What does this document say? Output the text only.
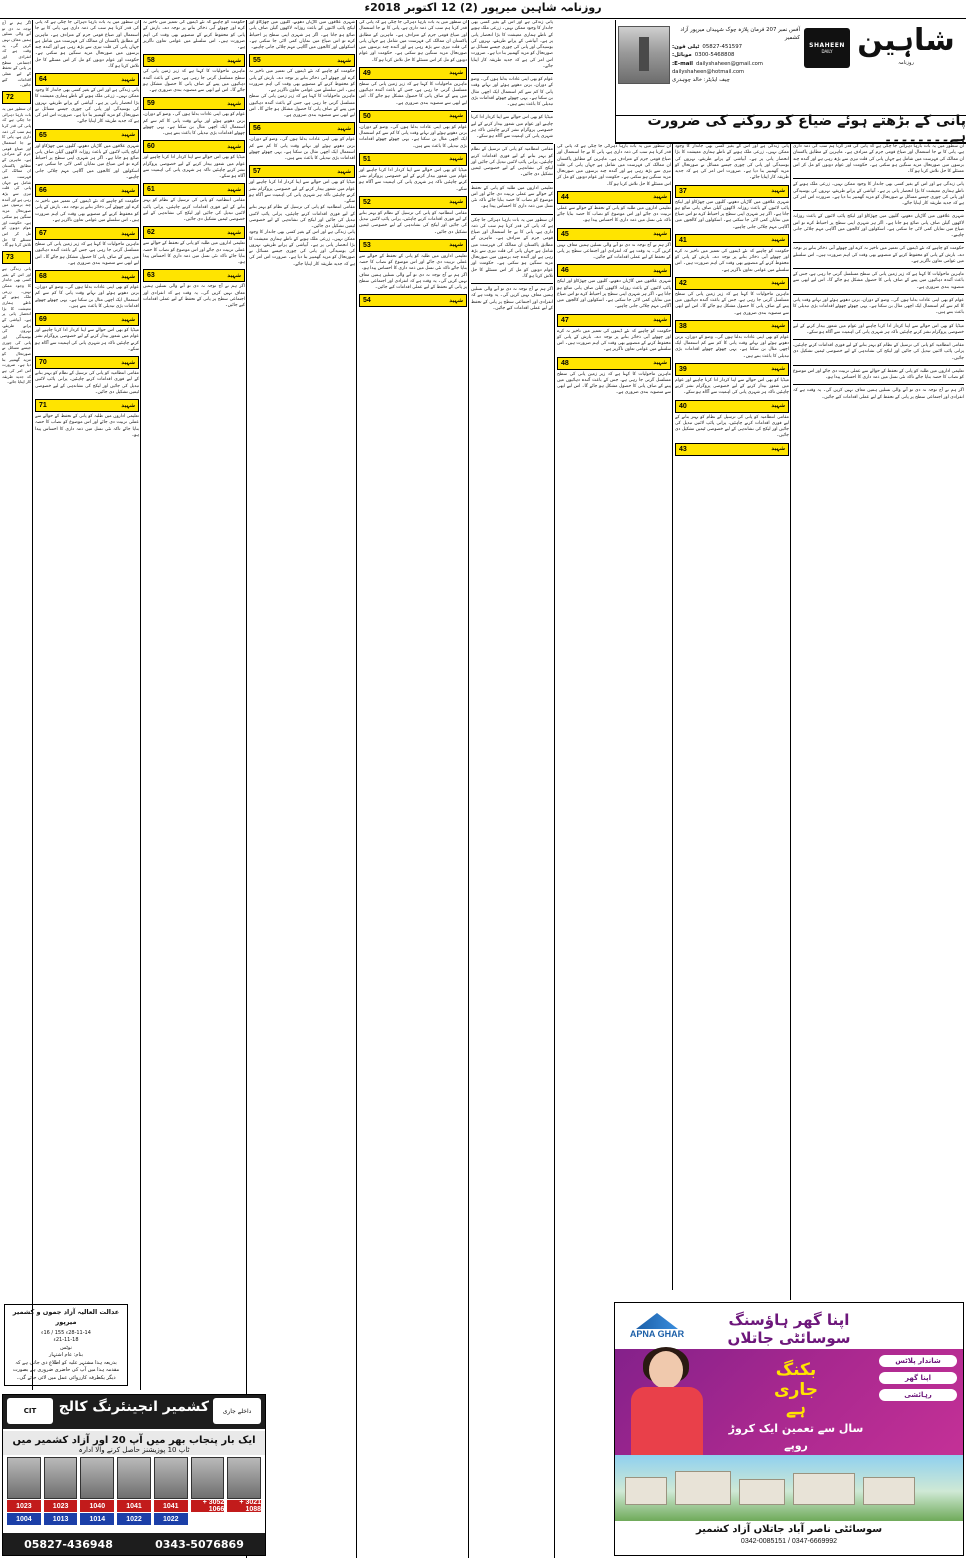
روزنامہ شاہین میرپور (2) 12 اکتوبر 2018ء
شاہین
روزنامہ
SHAHEEN
DAILY
آفس نمبر 207 فرمان پلازہ چوک شہیداں میرپور آزاد کشمیر
ٹیلی فون: 05827-451597
موبائل: 0300-5468808
E-mail: dailyshaheen@gmail.com
dailyshaheen@hotmail.com
چیف ایڈیٹر: خالد چوہدری
پانی کے بڑھتے ہوئے ضیاع کو روکنے کی ضرورت ہے۔۔۔۔۔۔۔۔
ان سطور میں یہ بات بارہا دہرائی جا چکی ہے کہ پانی کی قدر کرنا ہم سب کی ذمہ داری ہے، پانی کا بے جا استعمال اور ضیاع قومی جرم کے مترادف ہے۔ ماہرین کے مطابق پاکستان ان ممالک کی فہرست میں شامل ہے جہاں پانی کی قلت تیزی سے بڑھ رہی ہے اور آئندہ چند برسوں میں صورتحال مزید سنگین ہو سکتی ہے۔ حکومت اور عوام دونوں کو مل کر اس مسئلے کا حل تلاش کرنا ہو گا۔
پانی زندگی ہے اور اس کے بغیر کسی بھی جاندار کا وجود ممکن نہیں۔ زرعی ملک ہونے کے ناطے ہماری معیشت کا بڑا انحصار پانی پر ہے۔ آبپاشی کے پرانے طریقے، نہروں کی بوسیدگی اور پانی کی چوری جیسے مسائل نے صورتحال کو مزید گھمبیر بنا دیا ہے۔ ضرورت اس امر کی ہے کہ جدید طریقہ کار اپنایا جائے۔
شہری علاقوں میں گاڑیاں دھونے، گلیوں میں چھڑکاؤ اور لیکج پائپ لائنوں کے باعث روزانہ لاکھوں گیلن صاف پانی ضائع ہو جاتا ہے۔ اگر ہر شہری اپنی سطح پر احتیاط کرے تو اس ضیاع میں نمایاں کمی لائی جا سکتی ہے۔ اسکولوں اور کالجوں میں آگاہی مہم چلائی جانی چاہیے۔
حکومت کو چاہیے کہ نئے ڈیموں کی تعمیر میں تاخیر نہ کرے اور چھوٹے آبی ذخائر بنانے پر توجہ دے۔ بارش کے پانی کو محفوظ کرنے کے منصوبے بھی وقت کی اہم ضرورت ہیں۔ اس سلسلے میں عوامی تعاون ناگزیر ہے۔
ماہرین ماحولیات کا کہنا ہے کہ زیر زمین پانی کی سطح مسلسل گرتی جا رہی ہے، جس کے باعث آئندہ دہائیوں میں پینے کے صاف پانی کا حصول مشکل ہو جائے گا۔ اس لیے ابھی سے منصوبہ بندی ضروری ہے۔
عوام کو بھی اپنی عادات بدلنا ہوں گی۔ وضو کے دوران، برتن دھوتے ہوئے اور نہاتے وقت پانی کا کم سے کم استعمال ایک اچھی مثال بن سکتا ہے۔ یہی چھوٹے چھوٹے اقدامات بڑی تبدیلی کا باعث بنتے ہیں۔
میڈیا کو بھی اس حوالے سے اپنا کردار ادا کرنا چاہیے اور عوام میں شعور بیدار کرنے کے لیے خصوصی پروگرام نشر کرنے چاہئیں تاکہ ہر شہری پانی کی اہمیت سے آگاہ ہو سکے۔
مقامی انتظامیہ کو پانی کی ترسیل کے نظام کو بہتر بنانے کے لیے فوری اقدامات کرنے چاہئیں، پرانی پائپ لائنیں تبدیل کی جائیں اور لیکج کی نشاندہی کے لیے خصوصی ٹیمیں تشکیل دی جائیں۔
تعلیمی اداروں میں طلبہ کو پانی کے تحفظ کے حوالے سے عملی تربیت دی جائے اور اس موضوع کو نصاب کا حصہ بنایا جائے تاکہ نئی نسل میں ذمہ داری کا احساس پیدا ہو۔
اگر ہم نے آج توجہ نہ دی تو آنے والی نسلیں ہمیں معاف نہیں کریں گی۔ یہ وقت ہے کہ انفرادی اور اجتماعی سطح پر پانی کے تحفظ کے لیے عملی اقدامات کیے جائیں۔
پانی زندگی ہے اور اس کے بغیر کسی بھی جاندار کا وجود ممکن نہیں۔ زرعی ملک ہونے کے ناطے ہماری معیشت کا بڑا انحصار پانی پر ہے۔ آبپاشی کے پرانے طریقے، نہروں کی بوسیدگی اور پانی کی چوری جیسے مسائل نے صورتحال کو مزید گھمبیر بنا دیا ہے۔ ضرورت اس امر کی ہے کہ جدید طریقہ کار اپنایا جائے۔
37	شہید
شہری علاقوں میں گاڑیاں دھونے، گلیوں میں چھڑکاؤ اور لیکج پائپ لائنوں کے باعث روزانہ لاکھوں گیلن صاف پانی ضائع ہو جاتا ہے۔ اگر ہر شہری اپنی سطح پر احتیاط کرے تو اس ضیاع میں نمایاں کمی لائی جا سکتی ہے۔ اسکولوں اور کالجوں میں آگاہی مہم چلائی جانی چاہیے۔
41	شہید
حکومت کو چاہیے کہ نئے ڈیموں کی تعمیر میں تاخیر نہ کرے اور چھوٹے آبی ذخائر بنانے پر توجہ دے۔ بارش کے پانی کو محفوظ کرنے کے منصوبے بھی وقت کی اہم ضرورت ہیں۔ اس سلسلے میں عوامی تعاون ناگزیر ہے۔
42	شہید
ماہرین ماحولیات کا کہنا ہے کہ زیر زمین پانی کی سطح مسلسل گرتی جا رہی ہے، جس کے باعث آئندہ دہائیوں میں پینے کے صاف پانی کا حصول مشکل ہو جائے گا۔ اس لیے ابھی سے منصوبہ بندی ضروری ہے۔
38	شہید
عوام کو بھی اپنی عادات بدلنا ہوں گی۔ وضو کے دوران، برتن دھوتے ہوئے اور نہاتے وقت پانی کا کم سے کم استعمال ایک اچھی مثال بن سکتا ہے۔ یہی چھوٹے چھوٹے اقدامات بڑی تبدیلی کا باعث بنتے ہیں۔
39	شہید
میڈیا کو بھی اس حوالے سے اپنا کردار ادا کرنا چاہیے اور عوام میں شعور بیدار کرنے کے لیے خصوصی پروگرام نشر کرنے چاہئیں تاکہ ہر شہری پانی کی اہمیت سے آگاہ ہو سکے۔
40	شہید
مقامی انتظامیہ کو پانی کی ترسیل کے نظام کو بہتر بنانے کے لیے فوری اقدامات کرنے چاہئیں، پرانی پائپ لائنیں تبدیل کی جائیں اور لیکج کی نشاندہی کے لیے خصوصی ٹیمیں تشکیل دی جائیں۔
43	شہید
ان سطور میں یہ بات بارہا دہرائی جا چکی ہے کہ پانی کی قدر کرنا ہم سب کی ذمہ داری ہے، پانی کا بے جا استعمال اور ضیاع قومی جرم کے مترادف ہے۔ ماہرین کے مطابق پاکستان ان ممالک کی فہرست میں شامل ہے جہاں پانی کی قلت تیزی سے بڑھ رہی ہے اور آئندہ چند برسوں میں صورتحال مزید سنگین ہو سکتی ہے۔ حکومت اور عوام دونوں کو مل کر اس مسئلے کا حل تلاش کرنا ہو گا۔
44	شہید
تعلیمی اداروں میں طلبہ کو پانی کے تحفظ کے حوالے سے عملی تربیت دی جائے اور اس موضوع کو نصاب کا حصہ بنایا جائے تاکہ نئی نسل میں ذمہ داری کا احساس پیدا ہو۔
45	شہید
اگر ہم نے آج توجہ نہ دی تو آنے والی نسلیں ہمیں معاف نہیں کریں گی۔ یہ وقت ہے کہ انفرادی اور اجتماعی سطح پر پانی کے تحفظ کے لیے عملی اقدامات کیے جائیں۔
46	شہید
شہری علاقوں میں گاڑیاں دھونے، گلیوں میں چھڑکاؤ اور لیکج پائپ لائنوں کے باعث روزانہ لاکھوں گیلن صاف پانی ضائع ہو جاتا ہے۔ اگر ہر شہری اپنی سطح پر احتیاط کرے تو اس ضیاع میں نمایاں کمی لائی جا سکتی ہے۔ اسکولوں اور کالجوں میں آگاہی مہم چلائی جانی چاہیے۔
47	شہید
حکومت کو چاہیے کہ نئے ڈیموں کی تعمیر میں تاخیر نہ کرے اور چھوٹے آبی ذخائر بنانے پر توجہ دے۔ بارش کے پانی کو محفوظ کرنے کے منصوبے بھی وقت کی اہم ضرورت ہیں۔ اس سلسلے میں عوامی تعاون ناگزیر ہے۔
48	شہید
ماہرین ماحولیات کا کہنا ہے کہ زیر زمین پانی کی سطح مسلسل گرتی جا رہی ہے، جس کے باعث آئندہ دہائیوں میں پینے کے صاف پانی کا حصول مشکل ہو جائے گا۔ اس لیے ابھی سے منصوبہ بندی ضروری ہے۔
پانی زندگی ہے اور اس کے بغیر کسی بھی جاندار کا وجود ممکن نہیں۔ زرعی ملک ہونے کے ناطے ہماری معیشت کا بڑا انحصار پانی پر ہے۔ آبپاشی کے پرانے طریقے، نہروں کی بوسیدگی اور پانی کی چوری جیسے مسائل نے صورتحال کو مزید گھمبیر بنا دیا ہے۔ ضرورت اس امر کی ہے کہ جدید طریقہ کار اپنایا جائے۔
عوام کو بھی اپنی عادات بدلنا ہوں گی۔ وضو کے دوران، برتن دھوتے ہوئے اور نہاتے وقت پانی کا کم سے کم استعمال ایک اچھی مثال بن سکتا ہے۔ یہی چھوٹے چھوٹے اقدامات بڑی تبدیلی کا باعث بنتے ہیں۔
میڈیا کو بھی اس حوالے سے اپنا کردار ادا کرنا چاہیے اور عوام میں شعور بیدار کرنے کے لیے خصوصی پروگرام نشر کرنے چاہئیں تاکہ ہر شہری پانی کی اہمیت سے آگاہ ہو سکے۔
مقامی انتظامیہ کو پانی کی ترسیل کے نظام کو بہتر بنانے کے لیے فوری اقدامات کرنے چاہئیں، پرانی پائپ لائنیں تبدیل کی جائیں اور لیکج کی نشاندہی کے لیے خصوصی ٹیمیں تشکیل دی جائیں۔
تعلیمی اداروں میں طلبہ کو پانی کے تحفظ کے حوالے سے عملی تربیت دی جائے اور اس موضوع کو نصاب کا حصہ بنایا جائے تاکہ نئی نسل میں ذمہ داری کا احساس پیدا ہو۔
ان سطور میں یہ بات بارہا دہرائی جا چکی ہے کہ پانی کی قدر کرنا ہم سب کی ذمہ داری ہے، پانی کا بے جا استعمال اور ضیاع قومی جرم کے مترادف ہے۔ ماہرین کے مطابق پاکستان ان ممالک کی فہرست میں شامل ہے جہاں پانی کی قلت تیزی سے بڑھ رہی ہے اور آئندہ چند برسوں میں صورتحال مزید سنگین ہو سکتی ہے۔ حکومت اور عوام دونوں کو مل کر اس مسئلے کا حل تلاش کرنا ہو گا۔
اگر ہم نے آج توجہ نہ دی تو آنے والی نسلیں ہمیں معاف نہیں کریں گی۔ یہ وقت ہے کہ انفرادی اور اجتماعی سطح پر پانی کے تحفظ کے لیے عملی اقدامات کیے جائیں۔
ان سطور میں یہ بات بارہا دہرائی جا چکی ہے کہ پانی کی قدر کرنا ہم سب کی ذمہ داری ہے، پانی کا بے جا استعمال اور ضیاع قومی جرم کے مترادف ہے۔ ماہرین کے مطابق پاکستان ان ممالک کی فہرست میں شامل ہے جہاں پانی کی قلت تیزی سے بڑھ رہی ہے اور آئندہ چند برسوں میں صورتحال مزید سنگین ہو سکتی ہے۔ حکومت اور عوام دونوں کو مل کر اس مسئلے کا حل تلاش کرنا ہو گا۔
49	شہید
ماہرین ماحولیات کا کہنا ہے کہ زیر زمین پانی کی سطح مسلسل گرتی جا رہی ہے، جس کے باعث آئندہ دہائیوں میں پینے کے صاف پانی کا حصول مشکل ہو جائے گا۔ اس لیے ابھی سے منصوبہ بندی ضروری ہے۔
50	شہید
عوام کو بھی اپنی عادات بدلنا ہوں گی۔ وضو کے دوران، برتن دھوتے ہوئے اور نہاتے وقت پانی کا کم سے کم استعمال ایک اچھی مثال بن سکتا ہے۔ یہی چھوٹے چھوٹے اقدامات بڑی تبدیلی کا باعث بنتے ہیں۔
51	شہید
میڈیا کو بھی اس حوالے سے اپنا کردار ادا کرنا چاہیے اور عوام میں شعور بیدار کرنے کے لیے خصوصی پروگرام نشر کرنے چاہئیں تاکہ ہر شہری پانی کی اہمیت سے آگاہ ہو سکے۔
52	شہید
مقامی انتظامیہ کو پانی کی ترسیل کے نظام کو بہتر بنانے کے لیے فوری اقدامات کرنے چاہئیں، پرانی پائپ لائنیں تبدیل کی جائیں اور لیکج کی نشاندہی کے لیے خصوصی ٹیمیں تشکیل دی جائیں۔
53	شہید
تعلیمی اداروں میں طلبہ کو پانی کے تحفظ کے حوالے سے عملی تربیت دی جائے اور اس موضوع کو نصاب کا حصہ بنایا جائے تاکہ نئی نسل میں ذمہ داری کا احساس پیدا ہو۔
اگر ہم نے آج توجہ نہ دی تو آنے والی نسلیں ہمیں معاف نہیں کریں گی۔ یہ وقت ہے کہ انفرادی اور اجتماعی سطح پر پانی کے تحفظ کے لیے عملی اقدامات کیے جائیں۔
54	شہید
شہری علاقوں میں گاڑیاں دھونے، گلیوں میں چھڑکاؤ اور لیکج پائپ لائنوں کے باعث روزانہ لاکھوں گیلن صاف پانی ضائع ہو جاتا ہے۔ اگر ہر شہری اپنی سطح پر احتیاط کرے تو اس ضیاع میں نمایاں کمی لائی جا سکتی ہے۔ اسکولوں اور کالجوں میں آگاہی مہم چلائی جانی چاہیے۔
55	شہید
حکومت کو چاہیے کہ نئے ڈیموں کی تعمیر میں تاخیر نہ کرے اور چھوٹے آبی ذخائر بنانے پر توجہ دے۔ بارش کے پانی کو محفوظ کرنے کے منصوبے بھی وقت کی اہم ضرورت ہیں۔ اس سلسلے میں عوامی تعاون ناگزیر ہے۔
ماہرین ماحولیات کا کہنا ہے کہ زیر زمین پانی کی سطح مسلسل گرتی جا رہی ہے، جس کے باعث آئندہ دہائیوں میں پینے کے صاف پانی کا حصول مشکل ہو جائے گا۔ اس لیے ابھی سے منصوبہ بندی ضروری ہے۔
56	شہید
عوام کو بھی اپنی عادات بدلنا ہوں گی۔ وضو کے دوران، برتن دھوتے ہوئے اور نہاتے وقت پانی کا کم سے کم استعمال ایک اچھی مثال بن سکتا ہے۔ یہی چھوٹے چھوٹے اقدامات بڑی تبدیلی کا باعث بنتے ہیں۔
57	شہید
میڈیا کو بھی اس حوالے سے اپنا کردار ادا کرنا چاہیے اور عوام میں شعور بیدار کرنے کے لیے خصوصی پروگرام نشر کرنے چاہئیں تاکہ ہر شہری پانی کی اہمیت سے آگاہ ہو سکے۔
مقامی انتظامیہ کو پانی کی ترسیل کے نظام کو بہتر بنانے کے لیے فوری اقدامات کرنے چاہئیں، پرانی پائپ لائنیں تبدیل کی جائیں اور لیکج کی نشاندہی کے لیے خصوصی ٹیمیں تشکیل دی جائیں۔
پانی زندگی ہے اور اس کے بغیر کسی بھی جاندار کا وجود ممکن نہیں۔ زرعی ملک ہونے کے ناطے ہماری معیشت کا بڑا انحصار پانی پر ہے۔ آبپاشی کے پرانے طریقے، نہروں کی بوسیدگی اور پانی کی چوری جیسے مسائل نے صورتحال کو مزید گھمبیر بنا دیا ہے۔ ضرورت اس امر کی ہے کہ جدید طریقہ کار اپنایا جائے۔
حکومت کو چاہیے کہ نئے ڈیموں کی تعمیر میں تاخیر نہ کرے اور چھوٹے آبی ذخائر بنانے پر توجہ دے۔ بارش کے پانی کو محفوظ کرنے کے منصوبے بھی وقت کی اہم ضرورت ہیں۔ اس سلسلے میں عوامی تعاون ناگزیر ہے۔
58	شہید
ماہرین ماحولیات کا کہنا ہے کہ زیر زمین پانی کی سطح مسلسل گرتی جا رہی ہے، جس کے باعث آئندہ دہائیوں میں پینے کے صاف پانی کا حصول مشکل ہو جائے گا۔ اس لیے ابھی سے منصوبہ بندی ضروری ہے۔
59	شہید
عوام کو بھی اپنی عادات بدلنا ہوں گی۔ وضو کے دوران، برتن دھوتے ہوئے اور نہاتے وقت پانی کا کم سے کم استعمال ایک اچھی مثال بن سکتا ہے۔ یہی چھوٹے چھوٹے اقدامات بڑی تبدیلی کا باعث بنتے ہیں۔
60	شہید
میڈیا کو بھی اس حوالے سے اپنا کردار ادا کرنا چاہیے اور عوام میں شعور بیدار کرنے کے لیے خصوصی پروگرام نشر کرنے چاہئیں تاکہ ہر شہری پانی کی اہمیت سے آگاہ ہو سکے۔
61	شہید
مقامی انتظامیہ کو پانی کی ترسیل کے نظام کو بہتر بنانے کے لیے فوری اقدامات کرنے چاہئیں، پرانی پائپ لائنیں تبدیل کی جائیں اور لیکج کی نشاندہی کے لیے خصوصی ٹیمیں تشکیل دی جائیں۔
62	شہید
تعلیمی اداروں میں طلبہ کو پانی کے تحفظ کے حوالے سے عملی تربیت دی جائے اور اس موضوع کو نصاب کا حصہ بنایا جائے تاکہ نئی نسل میں ذمہ داری کا احساس پیدا ہو۔
63	شہید
اگر ہم نے آج توجہ نہ دی تو آنے والی نسلیں ہمیں معاف نہیں کریں گی۔ یہ وقت ہے کہ انفرادی اور اجتماعی سطح پر پانی کے تحفظ کے لیے عملی اقدامات کیے جائیں۔
ان سطور میں یہ بات بارہا دہرائی جا چکی ہے کہ پانی کی قدر کرنا ہم سب کی ذمہ داری ہے، پانی کا بے جا استعمال اور ضیاع قومی جرم کے مترادف ہے۔ ماہرین کے مطابق پاکستان ان ممالک کی فہرست میں شامل ہے جہاں پانی کی قلت تیزی سے بڑھ رہی ہے اور آئندہ چند برسوں میں صورتحال مزید سنگین ہو سکتی ہے۔ حکومت اور عوام دونوں کو مل کر اس مسئلے کا حل تلاش کرنا ہو گا۔
64	شہید
پانی زندگی ہے اور اس کے بغیر کسی بھی جاندار کا وجود ممکن نہیں۔ زرعی ملک ہونے کے ناطے ہماری معیشت کا بڑا انحصار پانی پر ہے۔ آبپاشی کے پرانے طریقے، نہروں کی بوسیدگی اور پانی کی چوری جیسے مسائل نے صورتحال کو مزید گھمبیر بنا دیا ہے۔ ضرورت اس امر کی ہے کہ جدید طریقہ کار اپنایا جائے۔
65	شہید
شہری علاقوں میں گاڑیاں دھونے، گلیوں میں چھڑکاؤ اور لیکج پائپ لائنوں کے باعث روزانہ لاکھوں گیلن صاف پانی ضائع ہو جاتا ہے۔ اگر ہر شہری اپنی سطح پر احتیاط کرے تو اس ضیاع میں نمایاں کمی لائی جا سکتی ہے۔ اسکولوں اور کالجوں میں آگاہی مہم چلائی جانی چاہیے۔
66	شہید
حکومت کو چاہیے کہ نئے ڈیموں کی تعمیر میں تاخیر نہ کرے اور چھوٹے آبی ذخائر بنانے پر توجہ دے۔ بارش کے پانی کو محفوظ کرنے کے منصوبے بھی وقت کی اہم ضرورت ہیں۔ اس سلسلے میں عوامی تعاون ناگزیر ہے۔
67	شہید
ماہرین ماحولیات کا کہنا ہے کہ زیر زمین پانی کی سطح مسلسل گرتی جا رہی ہے، جس کے باعث آئندہ دہائیوں میں پینے کے صاف پانی کا حصول مشکل ہو جائے گا۔ اس لیے ابھی سے منصوبہ بندی ضروری ہے۔
68	شہید
عوام کو بھی اپنی عادات بدلنا ہوں گی۔ وضو کے دوران، برتن دھوتے ہوئے اور نہاتے وقت پانی کا کم سے کم استعمال ایک اچھی مثال بن سکتا ہے۔ یہی چھوٹے چھوٹے اقدامات بڑی تبدیلی کا باعث بنتے ہیں۔
69	شہید
میڈیا کو بھی اس حوالے سے اپنا کردار ادا کرنا چاہیے اور عوام میں شعور بیدار کرنے کے لیے خصوصی پروگرام نشر کرنے چاہئیں تاکہ ہر شہری پانی کی اہمیت سے آگاہ ہو سکے۔
70	شہید
مقامی انتظامیہ کو پانی کی ترسیل کے نظام کو بہتر بنانے کے لیے فوری اقدامات کرنے چاہئیں، پرانی پائپ لائنیں تبدیل کی جائیں اور لیکج کی نشاندہی کے لیے خصوصی ٹیمیں تشکیل دی جائیں۔
71	شہید
تعلیمی اداروں میں طلبہ کو پانی کے تحفظ کے حوالے سے عملی تربیت دی جائے اور اس موضوع کو نصاب کا حصہ بنایا جائے تاکہ نئی نسل میں ذمہ داری کا احساس پیدا ہو۔
اگر ہم نے آج توجہ نہ دی تو آنے والی نسلیں ہمیں معاف نہیں کریں گی۔ یہ وقت ہے کہ انفرادی اور اجتماعی سطح پر پانی کے تحفظ کے لیے عملی اقدامات کیے جائیں۔
72
ان سطور میں یہ بات بارہا دہرائی جا چکی ہے کہ پانی کی قدر کرنا ہم سب کی ذمہ داری ہے، پانی کا بے جا استعمال اور ضیاع قومی جرم کے مترادف ہے۔ ماہرین کے مطابق پاکستان ان ممالک کی فہرست میں شامل ہے جہاں پانی کی قلت تیزی سے بڑھ رہی ہے اور آئندہ چند برسوں میں صورتحال مزید سنگین ہو سکتی ہے۔ حکومت اور عوام دونوں کو مل کر اس مسئلے کا حل تلاش کرنا ہو گا۔
73
پانی زندگی ہے اور اس کے بغیر کسی بھی جاندار کا وجود ممکن نہیں۔ زرعی ملک ہونے کے ناطے ہماری معیشت کا بڑا انحصار پانی پر ہے۔ آبپاشی کے پرانے طریقے، نہروں کی بوسیدگی اور پانی کی چوری جیسے مسائل نے صورتحال کو مزید گھمبیر بنا دیا ہے۔ ضرورت اس امر کی ہے کہ جدید طریقہ کار اپنایا جائے۔
عدالت العالیہ آزاد جموں و کشمیر میرپور
28-11-14ء 155 / 16ء
21-11-18ء
نوٹس
بنام: عام اشتہار
بذریعہ ہذا مشتہر علیہ کو اطلاع دی جاتی ہے کہ مقدمہ ہذا میں آپ کی حاضری ضروری ہے بصورت دیگر یکطرفہ کارروائی عمل میں لائی جائے گی۔
کشمیر انجینئرنگ کالج
CIT	داخلے جاری
ایک بار پنجاب بھر میں آپ 20 اور آزاد کشمیر میں
ٹاپ 10 پوزیشنز حاصل کرنے والا ادارہ
1023
1004
1023
1013
1040
1014
1041
1022
1041
1022
3052 + 1066
3021 + 1088
0343-5076869
05827-436948
APNA GHAR
اپنا گھر ہاؤسنگ سوسائٹی جاتلاں
شاندار پلاٹس
اپنا گھر
رہائشی
بکنگ
جاری
ہے
سال سے تعمین ایک کروڑ روپے
سوسائٹی ناصر آباد جاتلاں آزاد کشمیر
0342-0085151 / 0347-6669992
